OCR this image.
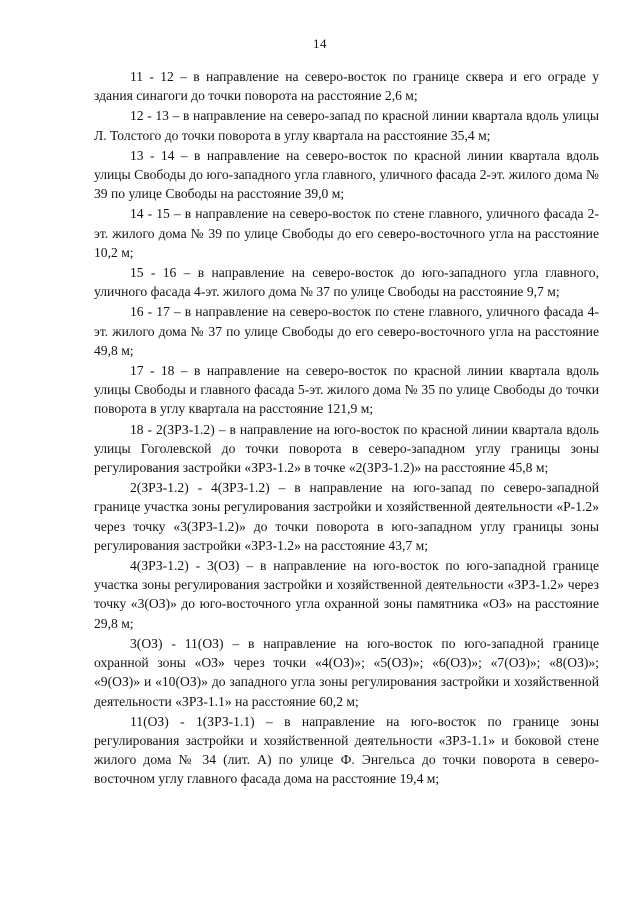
14

11 - 12 – в направление на северо-восток по границе сквера и его ограде у здания синагоги до точки поворота на расстояние 2,6 м;

12 - 13 – в направление на северо-запад по красной линии квартала вдоль улицы Л. Толстого до точки поворота в углу квартала на расстояние 35,4 м;

13 - 14 – в направление на северо-восток по красной линии квартала вдоль улицы Свободы до юго-западного угла главного, уличного фасада 2-эт. жилого дома № 39 по улице Свободы на расстояние 39,0 м;

14 - 15 – в направление на северо-восток по стене главного, уличного фасада 2-эт. жилого дома № 39 по улице Свободы до его северо-восточного угла на расстояние 10,2 м;

15 - 16 – в направление на северо-восток до юго-западного угла главного, уличного фасада 4-эт. жилого дома № 37 по улице Свободы на расстояние 9,7 м;

16 - 17 – в направление на северо-восток по стене главного, уличного фасада 4-эт. жилого дома № 37 по улице Свободы до его северо-восточного угла на расстояние 49,8 м;

17 - 18 – в направление на северо-восток по красной линии квартала вдоль улицы Свободы и главного фасада 5-эт. жилого дома № 35 по улице Свободы до точки поворота в углу квартала на расстояние 121,9 м;

18 - 2(ЗРЗ-1.2) – в направление на юго-восток по красной линии квартала вдоль улицы Гоголевской до точки поворота в северо-западном углу границы зоны регулирования застройки «ЗРЗ-1.2» в точке «2(ЗРЗ-1.2)» на расстояние 45,8 м;

2(ЗРЗ-1.2) - 4(ЗРЗ-1.2) – в направление на юго-запад по северо-западной границе участка зоны регулирования застройки и хозяйственной деятельности «Р-1.2» через точку «3(ЗРЗ-1.2)» до точки поворота в юго-западном углу границы зоны регулирования застройки «ЗРЗ-1.2» на расстояние 43,7 м;

4(ЗРЗ-1.2) - 3(ОЗ) – в направление на юго-восток по юго-западной границе участка зоны регулирования застройки и хозяйственной деятельности «ЗРЗ-1.2» через точку «3(ОЗ)» до юго-восточного угла охранной зоны памятника «ОЗ» на расстояние 29,8 м;

3(ОЗ) - 11(ОЗ) – в направление на юго-восток по юго-западной границе охранной зоны «ОЗ» через точки «4(ОЗ)»; «5(ОЗ)»; «6(ОЗ)»; «7(ОЗ)»; «8(ОЗ)»; «9(ОЗ)» и «10(ОЗ)» до западного угла зоны регулирования застройки и хозяйственной деятельности «ЗРЗ-1.1» на расстояние 60,2 м;

11(ОЗ) - 1(ЗРЗ-1.1) – в направление на юго-восток по границе зоны регулирования застройки и хозяйственной деятельности «ЗРЗ-1.1» и боковой стене жилого дома № 34 (лит. А) по улице Ф. Энгельса до точки поворота в северо-восточном углу главного фасада дома на расстояние 19,4 м;
